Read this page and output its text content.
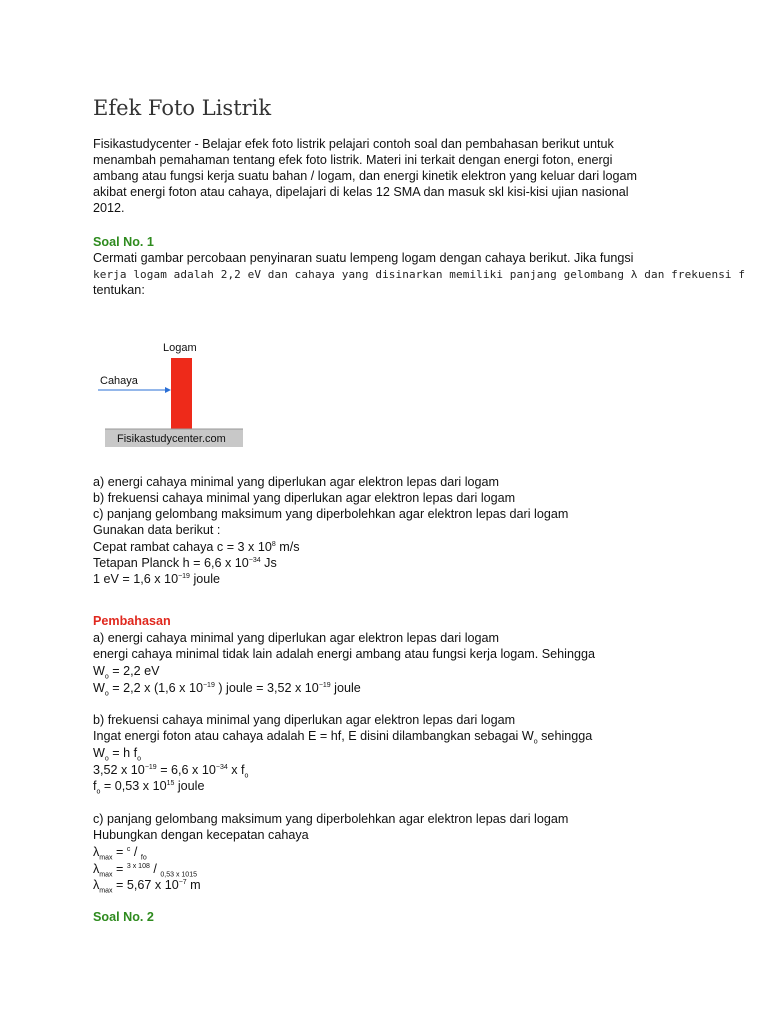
Efek Foto Listrik
Fisikastudycenter - Belajar efek foto listrik pelajari contoh soal dan pembahasan berikut untuk
menambah pemahaman tentang efek foto listrik. Materi ini terkait dengan energi foton, energi
ambang atau fungsi kerja suatu bahan / logam, dan energi kinetik elektron yang keluar dari logam
akibat energi foton atau cahaya, dipelajari di kelas 12 SMA dan masuk skl kisi-kisi ujian nasional
2012.
Soal No. 1
Cermati gambar percobaan penyinaran suatu lempeng logam dengan cahaya berikut. Jika fungsi
kerja logam adalah 2,2 eV dan cahaya yang disinarkan memiliki panjang gelombang λ dan frekuensi f
tentukan:
Logam
Cahaya
Fisikastudycenter.com
a) energi cahaya minimal yang diperlukan agar elektron lepas dari logam
b) frekuensi cahaya minimal yang diperlukan agar elektron lepas dari logam
c) panjang gelombang maksimum yang diperbolehkan agar elektron lepas dari logam
Gunakan data berikut :
Cepat rambat cahaya c = 3 x $10^8$ m/s
Tetapan Planck h = 6,6 x $10^{-34}$ Js
1 eV = 1,6 x $10^{-19}$ joule
Pembahasan
a) energi cahaya minimal yang diperlukan agar elektron lepas dari logam
energi cahaya minimal tidak lain adalah energi ambang atau fungsi kerja logam. Sehingga
$W_o = 2,2$ eV
$W_o = 2,2$ x (1,6 x $10^{-19}$ ) joule = 3,52 x $10^{-19}$ joule
b) frekuensi cahaya minimal yang diperlukan agar elektron lepas dari logam
Ingat energi foton atau cahaya adalah E = hf, E disini dilambangkan sebagai $W_o$ sehingga
$W_o = h$ $f_o$
3,52 x $10^{-19} = 6,6$ x $10^{-34}$ x $f_o$
$f_o = 0,53$ x $10^{15}$ joule
c) panjang gelombang maksimum yang diperbolehkan agar elektron lepas dari logam
Hubungkan dengan kecepatan cahaya
$\lambda_{max} = ^c / _{fo}$
$\lambda_{max} = ^{3 x 108} / _{0,53 x 1015}$
$\lambda_{max} = 5,67$ x $10^{-7}$ m
Soal No. 2
